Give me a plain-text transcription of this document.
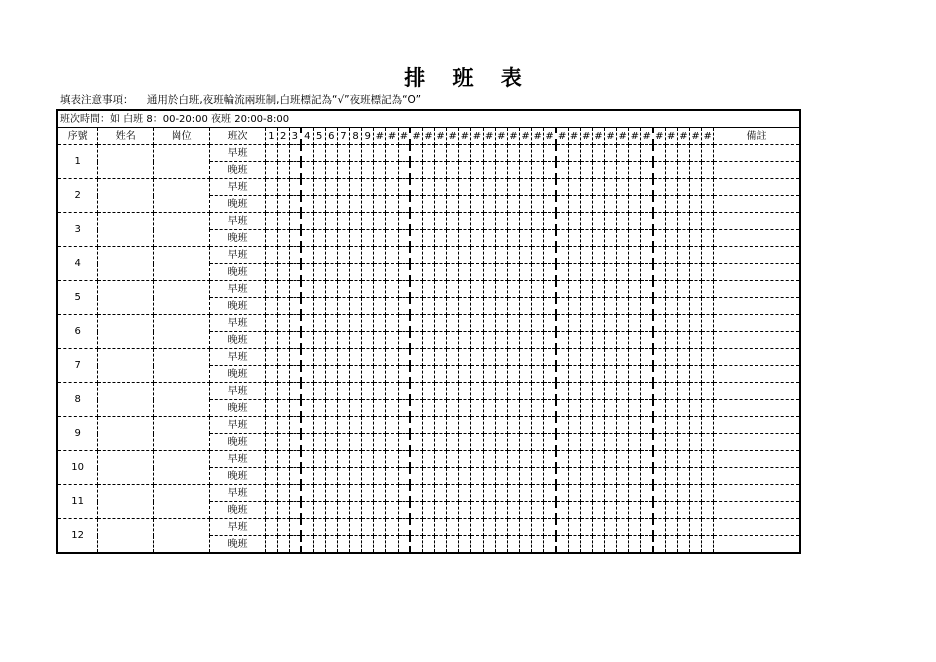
排 班 表
填表注意事項：    通用於白班,夜班輪流兩班制,白班標記為“√”夜班標記為“O”
班次時間：如 白班 8：00-20:00 夜班 20:00-8:00																																									
序號	姓名	崗位	班次	1	2	3	4	5	6	7	8	9	#	#	#	#	#	#	#	#	#	#	#	#	#	#	#	#	#	#	#	#	#	#	#	#	#	#	#	#	備註
1			早班																																						
			晚班																																						
2			早班																																						
			晚班																																						
3			早班																																						
			晚班																																						
4			早班																																						
			晚班																																						
5			早班																																						
			晚班																																						
6			早班																																						
			晚班																																						
7			早班																																						
			晚班																																						
8			早班																																						
			晚班																																						
9			早班																																						
			晚班																																						
10			早班																																						
			晚班																																						
11			早班																																						
			晚班																																						
12			早班																																						
			晚班																																						
